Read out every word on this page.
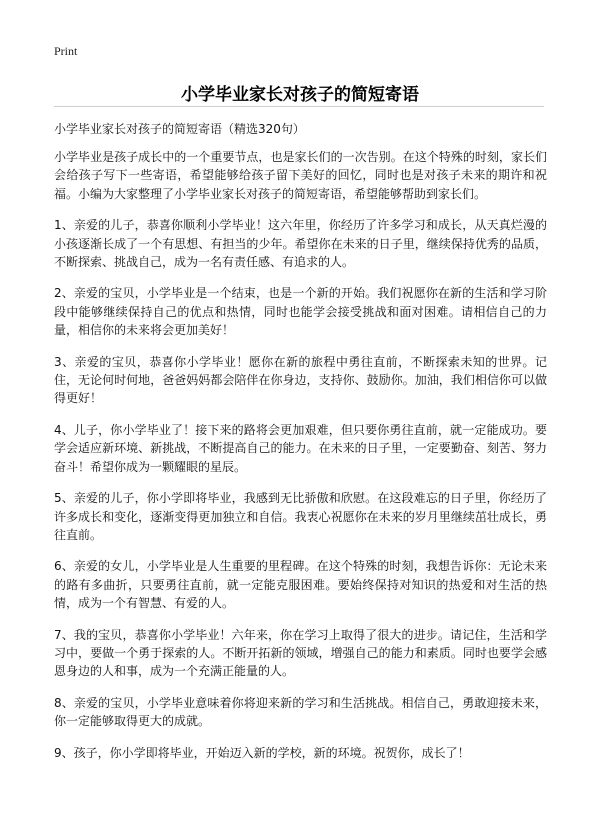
Print
小学毕业家长对孩子的简短寄语
小学毕业家长对孩子的简短寄语（精选320句）

小学毕业是孩子成长中的一个重要节点，也是家长们的一次告别。在这个特殊的时刻，家长们会给孩子写下一些寄语，希望能够给孩子留下美好的回忆，同时也是对孩子未来的期许和祝福。小编为大家整理了小学毕业家长对孩子的简短寄语，希望能够帮助到家长们。

1、亲爱的儿子，恭喜你顺利小学毕业！这六年里，你经历了许多学习和成长，从天真烂漫的小孩逐渐长成了一个有思想、有担当的少年。希望你在未来的日子里，继续保持优秀的品质，不断探索、挑战自己，成为一名有责任感、有追求的人。

2、亲爱的宝贝，小学毕业是一个结束，也是一个新的开始。我们祝愿你在新的生活和学习阶段中能够继续保持自己的优点和热情，同时也能学会接受挑战和面对困难。请相信自己的力量，相信你的未来将会更加美好！

3、亲爱的宝贝，恭喜你小学毕业！愿你在新的旅程中勇往直前，不断探索未知的世界。记住，无论何时何地，爸爸妈妈都会陪伴在你身边，支持你、鼓励你。加油，我们相信你可以做得更好！

4、儿子，你小学毕业了！接下来的路将会更加艰难，但只要你勇往直前，就一定能成功。要学会适应新环境、新挑战，不断提高自己的能力。在未来的日子里，一定要勤奋、刻苦、努力奋斗！希望你成为一颗耀眼的星辰。

5、亲爱的儿子，你小学即将毕业，我感到无比骄傲和欣慰。在这段难忘的日子里，你经历了许多成长和变化，逐渐变得更加独立和自信。我衷心祝愿你在未来的岁月里继续茁壮成长，勇往直前。

6、亲爱的女儿，小学毕业是人生重要的里程碑。在这个特殊的时刻，我想告诉你：无论未来的路有多曲折，只要勇往直前，就一定能克服困难。要始终保持对知识的热爱和对生活的热情，成为一个有智慧、有爱的人。

7、我的宝贝，恭喜你小学毕业！六年来，你在学习上取得了很大的进步。请记住，生活和学习中，要做一个勇于探索的人。不断开拓新的领域，增强自己的能力和素质。同时也要学会感恩身边的人和事，成为一个充满正能量的人。

8、亲爱的宝贝，小学毕业意味着你将迎来新的学习和生活挑战。相信自己，勇敢迎接未来，你一定能够取得更大的成就。

9、孩子，你小学即将毕业，开始迈入新的学校，新的环境。祝贺你，成长了！
